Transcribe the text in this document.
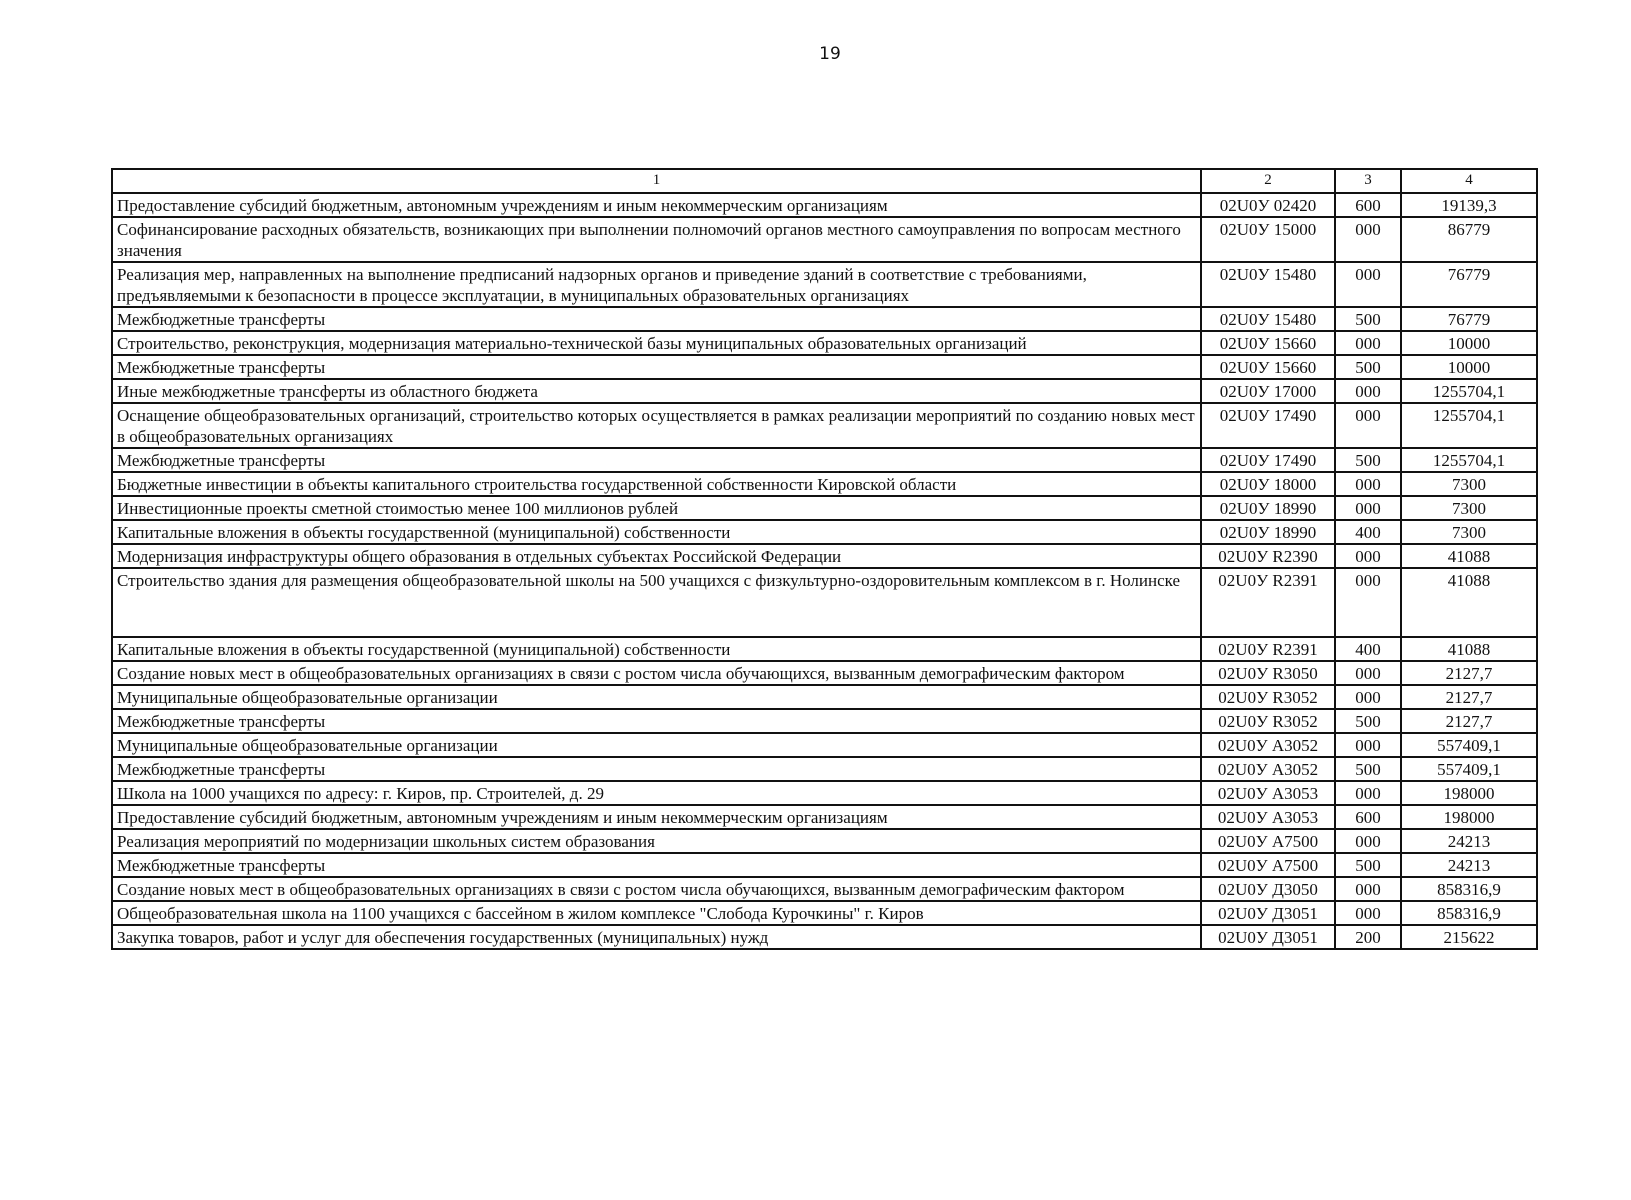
19
1	2	3	4
Предоставление субсидий бюджетным, автономным учреждениям и иным некоммерческим организациям	02U0У 02420	600	19139,3
Софинансирование расходных обязательств, возникающих при выполнении полномочий органов местного самоуправления по вопросам местного значения	02U0У 15000	000	86779
Реализация мер, направленных на выполнение предписаний надзорных органов и приведение зданий в соответствие с требованиями, предъявляемыми к безопасности в процессе эксплуатации, в муниципальных образовательных организациях	02U0У 15480	000	76779
Межбюджетные трансферты	02U0У 15480	500	76779
Строительство, реконструкция, модернизация материально-технической базы муниципальных образовательных организаций	02U0У 15660	000	10000
Межбюджетные трансферты	02U0У 15660	500	10000
Иные межбюджетные трансферты из областного бюджета	02U0У 17000	000	1255704,1
Оснащение общеобразовательных организаций, строительство которых осуществляется в рамках реализации мероприятий по созданию новых мест в общеобразовательных организациях	02U0У 17490	000	1255704,1
Межбюджетные трансферты	02U0У 17490	500	1255704,1
Бюджетные инвестиции в объекты капитального строительства государственной собственности Кировской области	02U0У 18000	000	7300
Инвестиционные проекты сметной стоимостью менее 100 миллионов рублей	02U0У 18990	000	7300
Капитальные вложения в объекты государственной (муниципальной) собственности	02U0У 18990	400	7300
Модернизация инфраструктуры общего образования в отдельных субъектах Российской Федерации	02U0У R2390	000	41088
Строительство здания для размещения общеобразовательной школы на 500 учащихся с физкультурно-оздоровительным комплексом в г. Нолинске	02U0У R2391	000	41088
Капитальные вложения в объекты государственной (муниципальной) собственности	02U0У R2391	400	41088
Создание новых мест в общеобразовательных организациях в связи с ростом числа обучающихся, вызванным демографическим фактором	02U0У R3050	000	2127,7
Муниципальные общеобразовательные организации	02U0У R3052	000	2127,7
Межбюджетные трансферты	02U0У R3052	500	2127,7
Муниципальные общеобразовательные организации	02U0У А3052	000	557409,1
Межбюджетные трансферты	02U0У А3052	500	557409,1
Школа на 1000 учащихся по адресу: г. Киров, пр. Строителей, д. 29	02U0У А3053	000	198000
Предоставление субсидий бюджетным, автономным учреждениям и иным некоммерческим организациям	02U0У А3053	600	198000
Реализация мероприятий по модернизации школьных систем образования	02U0У А7500	000	24213
Межбюджетные трансферты	02U0У А7500	500	24213
Создание новых мест в общеобразовательных организациях в связи с ростом числа обучающихся, вызванным демографическим фактором	02U0У Д3050	000	858316,9
Общеобразовательная школа на 1100 учащихся с бассейном в жилом комплексе "Слобода Курочкины" г. Киров	02U0У Д3051	000	858316,9
Закупка товаров, работ и услуг для обеспечения государственных (муниципальных) нужд	02U0У Д3051	200	215622
